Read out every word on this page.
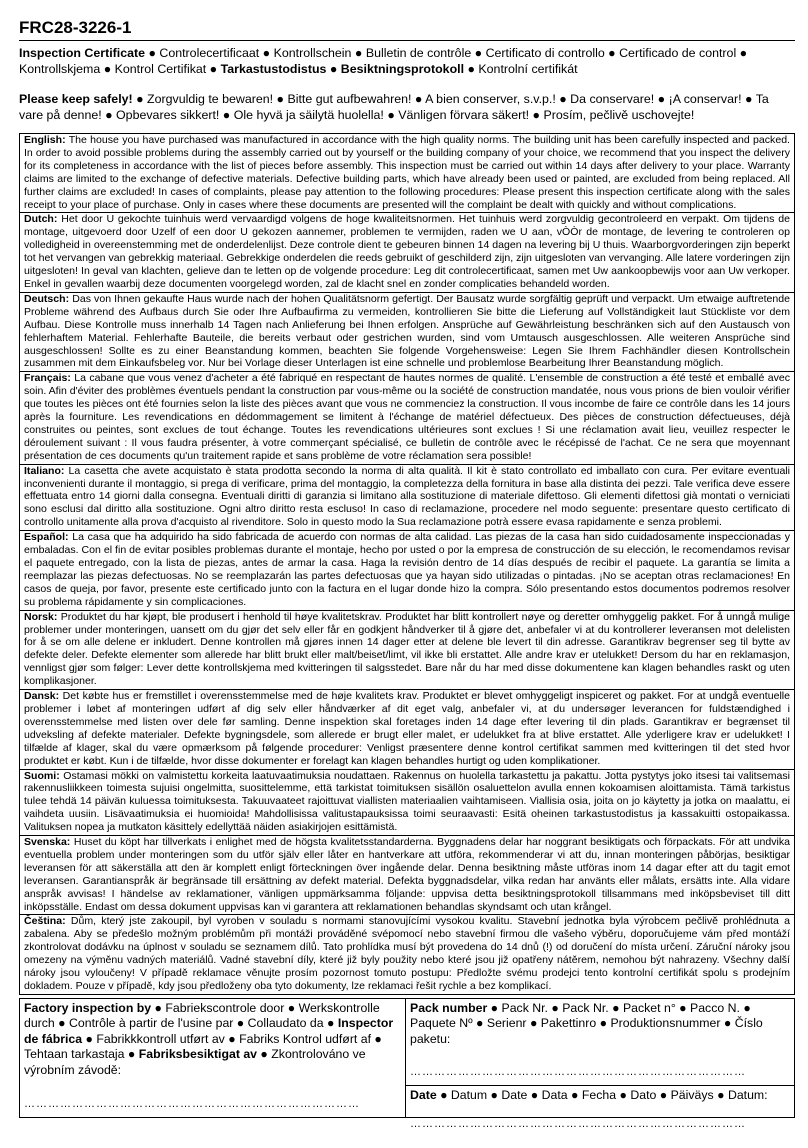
FRC28-3226-1
Inspection Certificate ● Controlecertificaat ● Kontrollschein ● Bulletin de contrôle ● Certificato di controllo ● Certificado de control ● Kontrollskjema ● Kontrol Certifikat ● Tarkastustodistus ● Besiktningsprotokoll ● Kontrolní certifikát
Please keep safely! ● Zorgvuldig te bewaren! ● Bitte gut aufbewahren! ● A bien conserver, s.v.p.! ● Da conservare! ● ¡A conservar! ● Ta vare på denne! ● Opbevares sikkert! ● Ole hyvä ja säilytä huolella! ● Vänligen förvara säkert! ● Prosím, pečlivě uschovejte!
English: The house you have purchased was manufactured in accordance with the high quality norms. The building unit has been carefully inspected and packed. In order to avoid possible problems during the assembly carried out by yourself or the building company of your choice, we recommend that you inspect the delivery for its completeness in accordance with the list of pieces before assembly. This inspection must be carried out within 14 days after delivery to your place. Warranty claims are limited to the exchange of defective materials. Defective building parts, which have already been used or painted, are excluded from being replaced. All further claims are excluded! In cases of complaints, please pay attention to the following procedures: Please present this inspection certificate along with the sales receipt to your place of purchase. Only in cases where these documents are presented will the complaint be dealt with quickly and without complications.
Dutch: Het door U gekochte tuinhuis werd vervaardigd volgens de hoge kwaliteitsnormen. Het tuinhuis werd zorgvuldig gecontroleerd en verpakt. Om tijdens de montage, uitgevoerd door Uzelf of een door U gekozen aannemer, problemen te vermijden, raden we U aan, vÒÒr de montage, de levering te controleren op volledigheid in overeenstemming met de onderdelenlijst. Deze controle dient te gebeuren binnen 14 dagen na levering bij U thuis. Waarborgvorderingen zijn beperkt tot het vervangen van gebrekkig materiaal. Gebrekkige onderdelen die reeds gebruikt of geschilderd zijn, zijn uitgesloten van vervanging. Alle latere vorderingen zijn uitgesloten! In geval van klachten, gelieve dan te letten op de volgende procedure: Leg dit controlecertificaat, samen met Uw aankoopbewijs voor aan Uw verkoper. Enkel in gevallen waarbij deze documenten voorgelegd worden, zal de klacht snel en zonder complicaties behandeld worden.
Deutsch: Das von Ihnen gekaufte Haus wurde nach der hohen Qualitätsnorm gefertigt. Der Bausatz wurde sorgfältig geprüft und verpackt. Um etwaige auftretende Probleme während des Aufbaus durch Sie oder Ihre Aufbaufirma zu vermeiden, kontrollieren Sie bitte die Lieferung auf Vollständigkeit laut Stückliste vor dem Aufbau. Diese Kontrolle muss innerhalb 14 Tagen nach Anlieferung bei Ihnen erfolgen. Ansprüche auf Gewährleistung beschränken sich auf den Austausch von fehlerhaftem Material. Fehlerhafte Bauteile, die bereits verbaut oder gestrichen wurden, sind vom Umtausch ausgeschlossen. Alle weiteren Ansprüche sind ausgeschlossen! Sollte es zu einer Beanstandung kommen, beachten Sie folgende Vorgehensweise: Legen Sie Ihrem Fachhändler diesen Kontrollschein zusammen mit dem Einkaufsbeleg vor. Nur bei Vorlage dieser Unterlagen ist eine schnelle und problemlose Bearbeitung Ihrer Beanstandung möglich.
Français: La cabane que vous venez d'acheter a été fabriqué en respectant de hautes normes de qualité. L'ensemble de construction a été testé et emballé avec soin. Afin d'éviter des problèmes éventuels pendant la construction par vous-même ou la société de construction mandatée, nous vous prions de bien vouloir vérifier que toutes les pièces ont été fournies selon la liste des pièces avant que vous ne commenciez la construction. Il vous incombe de faire ce contrôle dans les 14 jours après la fourniture. Les revendications en dédommagement se limitent à l'échange de matériel défectueux. Des pièces de construction défectueuses, déjà construites ou peintes, sont exclues de tout échange. Toutes les revendications ultérieures sont exclues ! Si une réclamation avait lieu, veuillez respecter le déroulement suivant : Il vous faudra présenter, à votre commerçant spécialisé, ce bulletin de contrôle avec le récépissé de l'achat. Ce ne sera que moyennant présentation de ces documents qu'un traitement rapide et sans problème de votre réclamation sera possible!
Italiano: La casetta che avete acquistato è stata prodotta secondo la norma di alta qualità. Il kit è stato controllato ed imballato con cura. Per evitare eventuali inconvenienti durante il montaggio, si prega di verificare, prima del montaggio, la completezza della fornitura in base alla distinta dei pezzi. Tale verifica deve essere effettuata entro 14 giorni dalla consegna. Eventuali diritti di garanzia si limitano alla sostituzione di materiale difettoso. Gli elementi difettosi già montati o verniciati sono esclusi dal diritto alla sostituzione. Ogni altro diritto resta escluso! In caso di reclamazione, procedere nel modo seguente: presentare questo certificato di controllo unitamente alla prova d'acquisto al rivenditore. Solo in questo modo la Sua reclamazione potrà essere evasa rapidamente e senza problemi.
Español: La casa que ha adquirido ha sido fabricada de acuerdo con normas de alta calidad. Las piezas de la casa han sido cuidadosamente inspeccionadas y embaladas. Con el fin de evitar posibles problemas durante el montaje, hecho por usted o por la empresa de construcción de su elección, le recomendamos revisar el paquete entregado, con la lista de piezas, antes de armar la casa. Haga la revisión dentro de 14 días después de recibir el paquete. La garantía se limita a reemplazar las piezas defectuosas. No se reemplazarán las partes defectuosas que ya hayan sido utilizadas o pintadas. ¡No se aceptan otras reclamaciones! En casos de queja, por favor, presente este certificado junto con la factura en el lugar donde hizo la compra. Sólo presentando estos documentos podremos resolver su problema rápidamente y sin complicaciones.
Norsk: Produktet du har kjøpt, ble produsert i henhold til høye kvalitetskrav. Produktet har blitt kontrollert nøye og deretter omhyggelig pakket. For å unngå mulige problemer under monteringen, uansett om du gjør det selv eller får en godkjent håndverker til å gjøre det, anbefaler vi at du kontrollerer leveransen mot delelisten for å se om alle delene er inkludert. Denne kontrollen må gjøres innen 14 dager etter at delene ble levert til din adresse. Garantikrav begrenser seg til bytte av defekte deler. Defekte elementer som allerede har blitt brukt eller malt/beiset/limt, vil ikke bli erstattet. Alle andre krav er utelukket! Dersom du har en reklamasjon, vennligst gjør som følger: Lever dette kontrollskjema med kvitteringen til salgsstedet. Bare når du har med disse dokumentene kan klagen behandles raskt og uten komplikasjoner.
Dansk: Det købte hus er fremstillet i overensstemmelse med de høje kvalitets krav. Produktet er blevet omhyggeligt inspiceret og pakket. For at undgå eventuelle problemer i løbet af monteringen udført af dig selv eller håndværker af dit eget valg, anbefaler vi, at du undersøger leverancen for fuldstændighed i overensstemmelse med listen over dele før samling. Denne inspektion skal foretages inden 14 dage efter levering til din plads. Garantikrav er begrænset til udveksling af defekte materialer. Defekte bygningsdele, som allerede er brugt eller malet, er udelukket fra at blive erstattet. Alle yderligere krav er udelukket! I tilfælde af klager, skal du være opmærksom på følgende procedurer: Venligst præsentere denne kontrol certifikat sammen med kvitteringen til det sted hvor produktet er købt. Kun i de tilfælde, hvor disse dokumenter er forelagt kan klagen behandles hurtigt og uden komplikationer.
Suomi: Ostamasi mökki on valmistettu korkeita laatuvaatimuksia noudattaen. Rakennus on huolella tarkastettu ja pakattu. Jotta pystytys joko itsesi tai valitsemasi rakennusliikkeen toimesta sujuisi ongelmitta, suosittelemme, että tarkistat toimituksen sisällön osaluettelon avulla ennen kokoamisen aloittamista. Tämä tarkistus tulee tehdä 14 päivän kuluessa toimituksesta. Takuuvaateet rajoittuvat viallisten materiaalien vaihtamiseen. Viallisia osia, joita on jo käytetty ja jotka on maalattu, ei vaihdeta uusiin. Lisävaatimuksia ei huomioida! Mahdollisissa valitustapauksissa toimi seuraavasti: Esitä oheinen tarkastustodistus ja kassakuitti ostopaikassa. Valituksen nopea ja mutkaton käsittely edellyttää näiden asiakirjojen esittämistä.
Svenska: Huset du köpt har tillverkats i enlighet med de högsta kvalitetsstandarderna. Byggnadens delar har noggrant besiktigats och förpackats. För att undvika eventuella problem under monteringen som du utför själv eller låter en hantverkare att utföra, rekommenderar vi att du, innan monteringen påbörjas, besiktigar leveransen för att säkerställa att den är komplett enligt förteckningen över ingående delar. Denna besiktning måste utföras inom 14 dagar efter att du tagit emot leveransen. Garantianspråk är begränsade till ersättning av defekt material. Defekta byggnadsdelar, vilka redan har använts eller målats, ersätts inte. Alla vidare anspråk avvisas! I händelse av reklamationer, vänligen uppmärksamma följande: uppvisa detta besiktningsprotokoll tillsammans med inköpsbeviset till ditt inköpsställe. Endast om dessa dokument uppvisas kan vi garantera att reklamationen behandlas skyndsamt och utan krångel.
Čeština: Dům, který jste zakoupil, byl vyroben v souladu s normami stanovujícími vysokou kvalitu. Stavební jednotka byla výrobcem pečlivě prohlédnuta a zabalena. Aby se předešlo možným problémům při montáži prováděné svépomocí nebo stavební firmou dle vašeho výběru, doporučujeme vám před montáží zkontrolovat dodávku na úplnost v souladu se seznamem dílů. Tato prohlídka musí být provedena do 14 dnů (!) od doručení do místa určení. Záruční nároky jsou omezeny na výměnu vadných materiálů. Vadné stavební díly, které již byly použity nebo které jsou již opatřeny nátěrem, nemohou být nahrazeny. Všechny další nároky jsou vyloučeny! V případě reklamace věnujte prosím pozornost tomuto postupu: Předložte svému prodejci tento kontrolní certifikát spolu s prodejním dokladem. Pouze v případě, kdy jsou předloženy oba tyto dokumenty, lze reklamaci řešit rychle a bez komplikací.
Factory inspection by ● Fabriekscontrole door ● Werkskontrolle durch ● Contrôle à partir de l'usine par ● Collaudato da ● Inspector de fábrica ● Fabrikkkontroll utført av ● Fabriks Kontrol udført af ● Tehtaan tarkastaja ● Fabriksbesiktigat av ● Zkontrolováno ve výrobním závodě:
…………………………………………………………………………
Pack number ● Pack Nr. ● Pack Nr. ● Packet n° ● Pacco N. ● Paquete Nº ● Serienr ● Pakettinro ● Produktionsnummer ● Číslo paketu:
…………………………………………………………………………
Date ● Datum ● Date ● Data ● Fecha ● Dato ● Päiväys ● Datum:
…………………………………………………………………………
